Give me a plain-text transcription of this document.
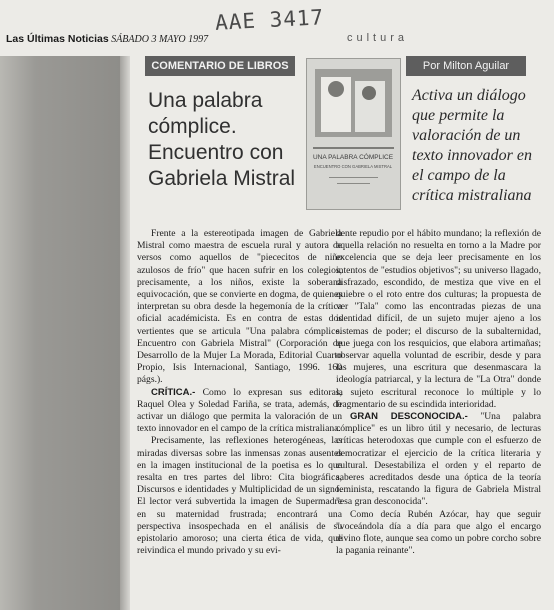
Las Últimas Noticias SÁBADO 3 MAYO 1997
AAE 3417
cultura
COMENTARIO DE LIBROS	Por Milton Aguilar
Una palabra cómplice. Encuentro con Gabriela Mistral
UNA PALABRA CÓMPLICE
ENCUENTRO CON GABRIELA MISTRAL
Activa un diálogo que permite la valoración de un texto innovador en el campo de la crítica mistraliana

Frente a la estereotipada imagen de Gabriela Mistral como maestra de escuela rural y autora de versos como aquellos de "piececitos de niño azulosos de frío" que hacen sufrir en los colegios, precisamente, a los niños, existe la soberana equivocación, que se convierte en dogma, de quienes interpretan su obra desde la hegemonía de la crítica oficial académicista. Es en contra de estas dos vertientes que se articula "Una palabra cómplice. Encuentro con Gabriela Mistral" (Corporación de Desarrollo de la Mujer La Morada, Editorial Cuarto Propio, Isis Internacional, Santiago, 1996. 160 págs.).

CRÍTICA.- Como lo expresan sus editoras, Raquel Olea y Soledad Fariña, se trata, además, de activar un diálogo que permita la valoración de un texto innovador en el campo de la crítica mistraliana.

Precisamente, las reflexiones heterogéneas, las miradas diversas sobre las inmensas zonas ausentes en la imagen institucional de la poetisa es lo que resalta en tres partes del libro: Cita biográfica, Discursos e identidades y Multiplicidad de un signo. El lector verá subvertida la imagen de Supermadre en su maternidad frustrada; encontrará una perspectiva insospechada en el análisis de su epistolario amoroso; una cierta ética de vida, que reivindica el mundo privado y su evi-

dente repudio por el hábito mundano; la reflexión de aquella relación no resuelta en torno a la Madre por excelencia que se deja leer precisamente en los intentos de "estudios objetivos"; su universo llagado, disfrazado, escondido, de mestiza que vive en el quiebre o el roto entre dos culturas; la propuesta de ver "Tala" como las encontradas piezas de una identidad difícil, de un sujeto mujer ajeno a los sistemas de poder; el discurso de la subalternidad, que juega con los resquicios, que elabora artimañas; observar aquella voluntad de escribir, desde y para las mujeres, una escritura que desenmascara la ideología patriarcal, y la lectura de "La Otra" donde la sujeto escritural reconoce lo múltiple y lo fragmentario de su escindida interioridad.

GRAN DESCONOCIDA.- "Una palabra cómplice" es un libro útil y necesario, de lecturas críticas heterodoxas que cumple con el esfuerzo de democratizar el ejercicio de la crítica literaria y cultural. Desestabiliza el orden y el reparto de saberes acreditados desde una óptica de la teoría feminista, rescatando la figura de Gabriela Mistral "esa gran desconocida".

Como decía Rubén Azócar, hay que seguir "voceándola día a día para que algo el encargo divino flote, aunque sea como un pobre corcho sobre la pagania reinante".
